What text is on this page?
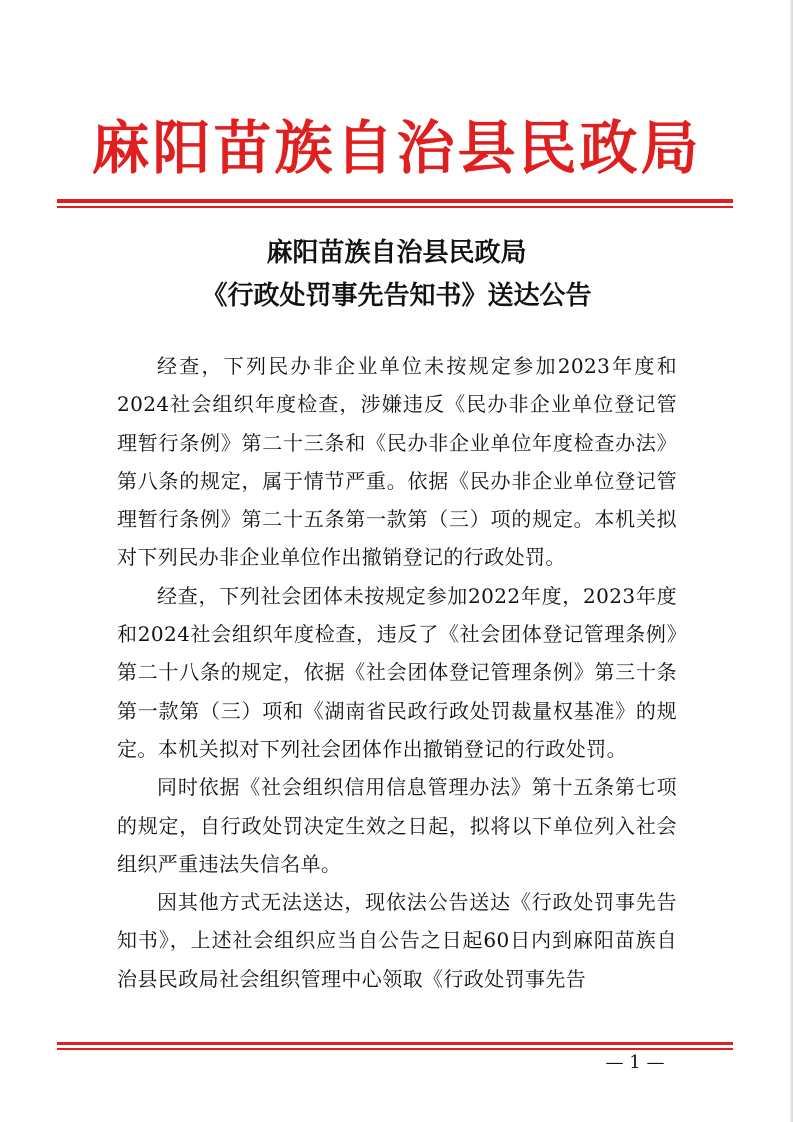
麻阳苗族自治县民政局
麻阳苗族自治县民政局
《行政处罚事先告知书》送达公告

经查，下列民办非企业单位未按规定参加2023年度和2024社会组织年度检查，涉嫌违反《民办非企业单位登记管理暂行条例》第二十三条和《民办非企业单位年度检查办法》第八条的规定，属于情节严重。依据《民办非企业单位登记管理暂行条例》第二十五条第一款第（三）项的规定。本机关拟对下列民办非企业单位作出撤销登记的行政处罚。

经查，下列社会团体未按规定参加2022年度，2023年度和2024社会组织年度检查，违反了《社会团体登记管理条例》第二十八条的规定，依据《社会团体登记管理条例》第三十条第一款第（三）项和《湖南省民政行政处罚裁量权基准》的规定。本机关拟对下列社会团体作出撤销登记的行政处罚。

同时依据《社会组织信用信息管理办法》第十五条第七项的规定，自行政处罚决定生效之日起，拟将以下单位列入社会组织严重违法失信名单。

因其他方式无法送达，现依法公告送达《行政处罚事先告知书》，上述社会组织应当自公告之日起60日内到麻阳苗族自治县民政局社会组织管理中心领取《行政处罚事先告

— 1 —
